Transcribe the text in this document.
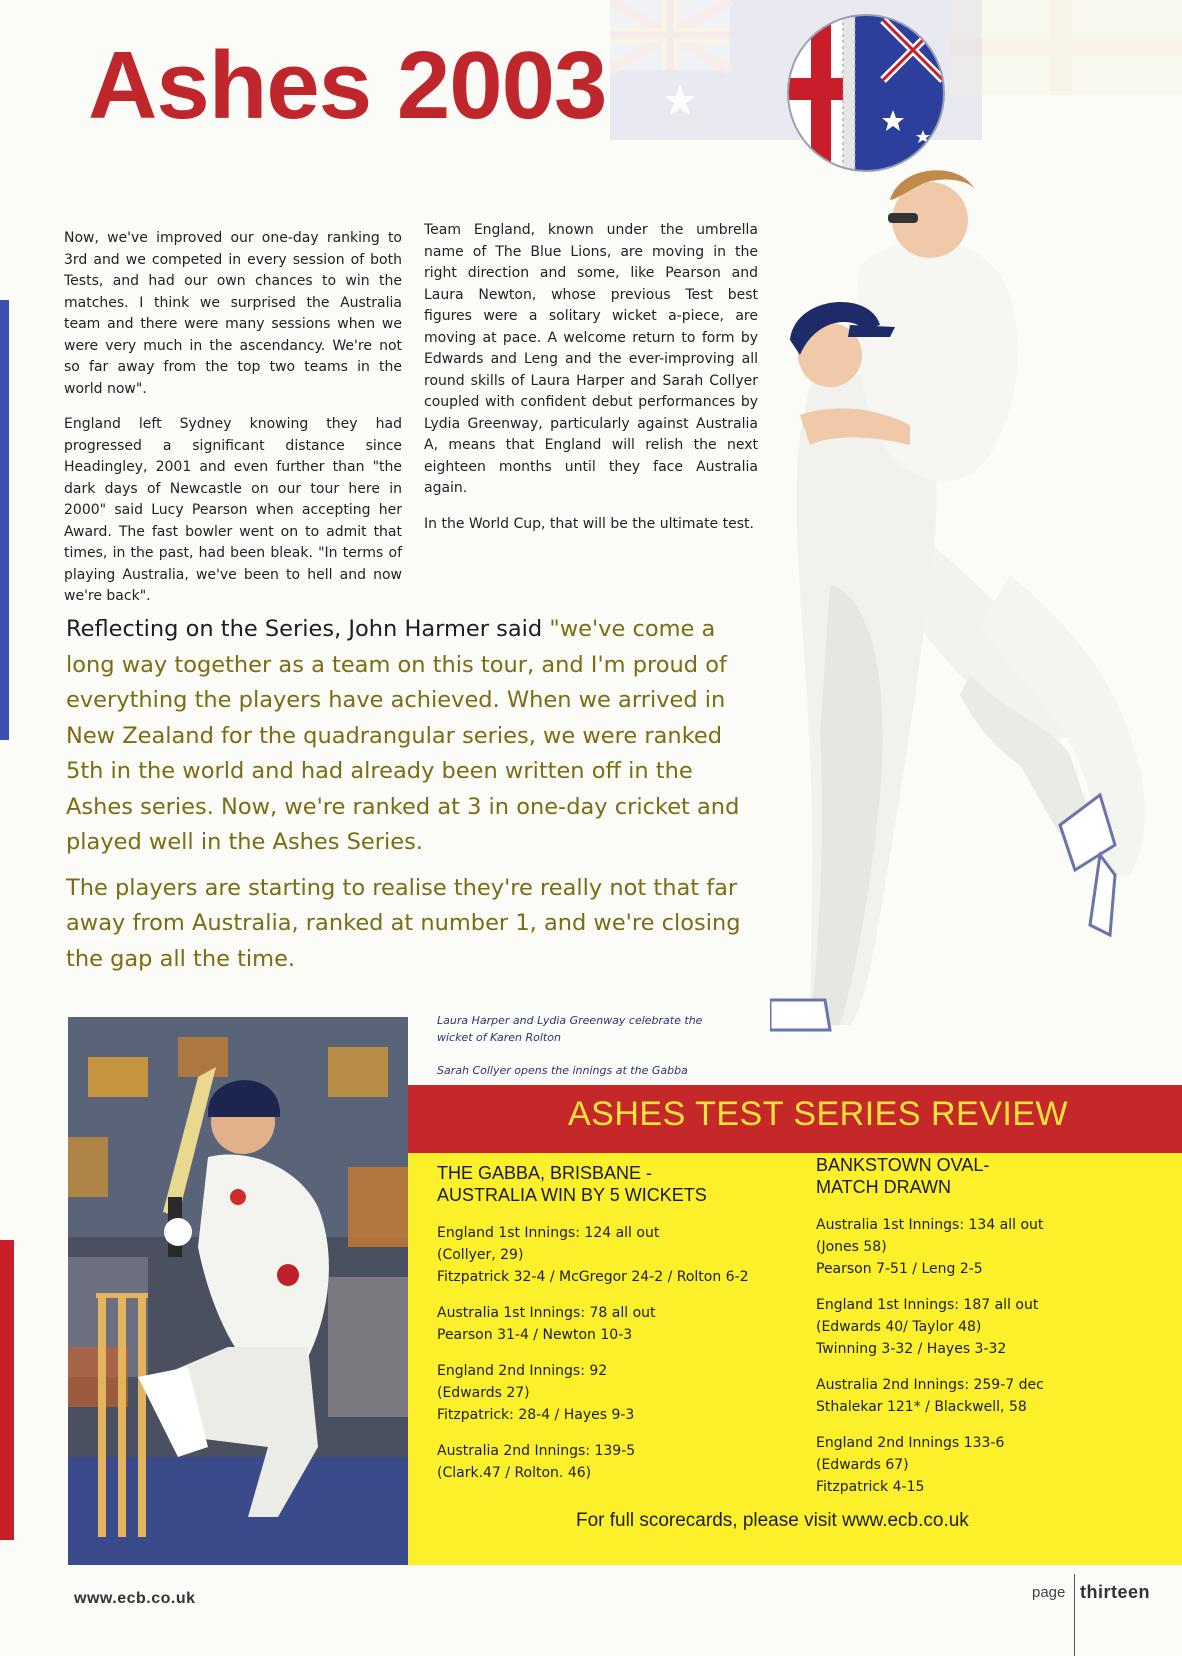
Ashes 2003

Now, we've improved our one-day ranking to 3rd and we competed in every session of both Tests, and had our own chances to win the matches. I think we surprised the Australia team and there were many sessions when we were very much in the ascendancy. We're not so far away from the top two teams in the world now".

England left Sydney knowing they had progressed a significant distance since Headingley, 2001 and even further than "the dark days of Newcastle on our tour here in 2000" said Lucy Pearson when accepting her Award. The fast bowler went on to admit that times, in the past, had been bleak. "In terms of playing Australia, we've been to hell and now we're back".

Team England, known under the umbrella name of The Blue Lions, are moving in the right direction and some, like Pearson and Laura Newton, whose previous Test best figures were a solitary wicket a-piece, are moving at pace. A welcome return to form by Edwards and Leng and the ever-improving all round skills of Laura Harper and Sarah Collyer coupled with confident debut performances by Lydia Greenway, particularly against Australia A, means that England will relish the next eighteen months until they face Australia again.

In the World Cup, that will be the ultimate test.

Reflecting on the Series, John Harmer said "we've come a long way together as a team on this tour, and I'm proud of everything the players have achieved. When we arrived in New Zealand for the quadrangular series, we were ranked 5th in the world and had already been written off in the Ashes series. Now, we're ranked at 3 in one-day cricket and played well in the Ashes Series.

The players are starting to realise they're really not that far away from Australia, ranked at number 1, and we're closing the gap all the time.

Laura Harper and Lydia Greenway celebrate the wicket of Karen Rolton
Sarah Collyer opens the innings at the Gabba
ASHES TEST SERIES REVIEW
THE GABBA, BRISBANE -
AUSTRALIA WIN BY 5 WICKETS
England 1st Innings: 124 all out
(Collyer, 29)
Fitzpatrick 32-4 / McGregor 24-2 / Rolton 6-2
Australia 1st Innings: 78 all out
Pearson 31-4 / Newton 10-3
England 2nd Innings: 92
(Edwards 27)
Fitzpatrick: 28-4 / Hayes 9-3
Australia 2nd Innings: 139-5
(Clark.47 / Rolton. 46)
BANKSTOWN OVAL-
MATCH DRAWN
Australia 1st Innings: 134 all out
(Jones 58)
Pearson 7-51 / Leng 2-5
England 1st Innings: 187 all out
(Edwards 40/ Taylor 48)
Twinning 3-32 / Hayes 3-32
Australia 2nd Innings: 259-7 dec
Sthalekar 121* / Blackwell, 58
England 2nd Innings 133-6
(Edwards 67)
Fitzpatrick 4-15
For full scorecards, please visit www.ecb.co.uk
www.ecb.co.uk	page thirteen
